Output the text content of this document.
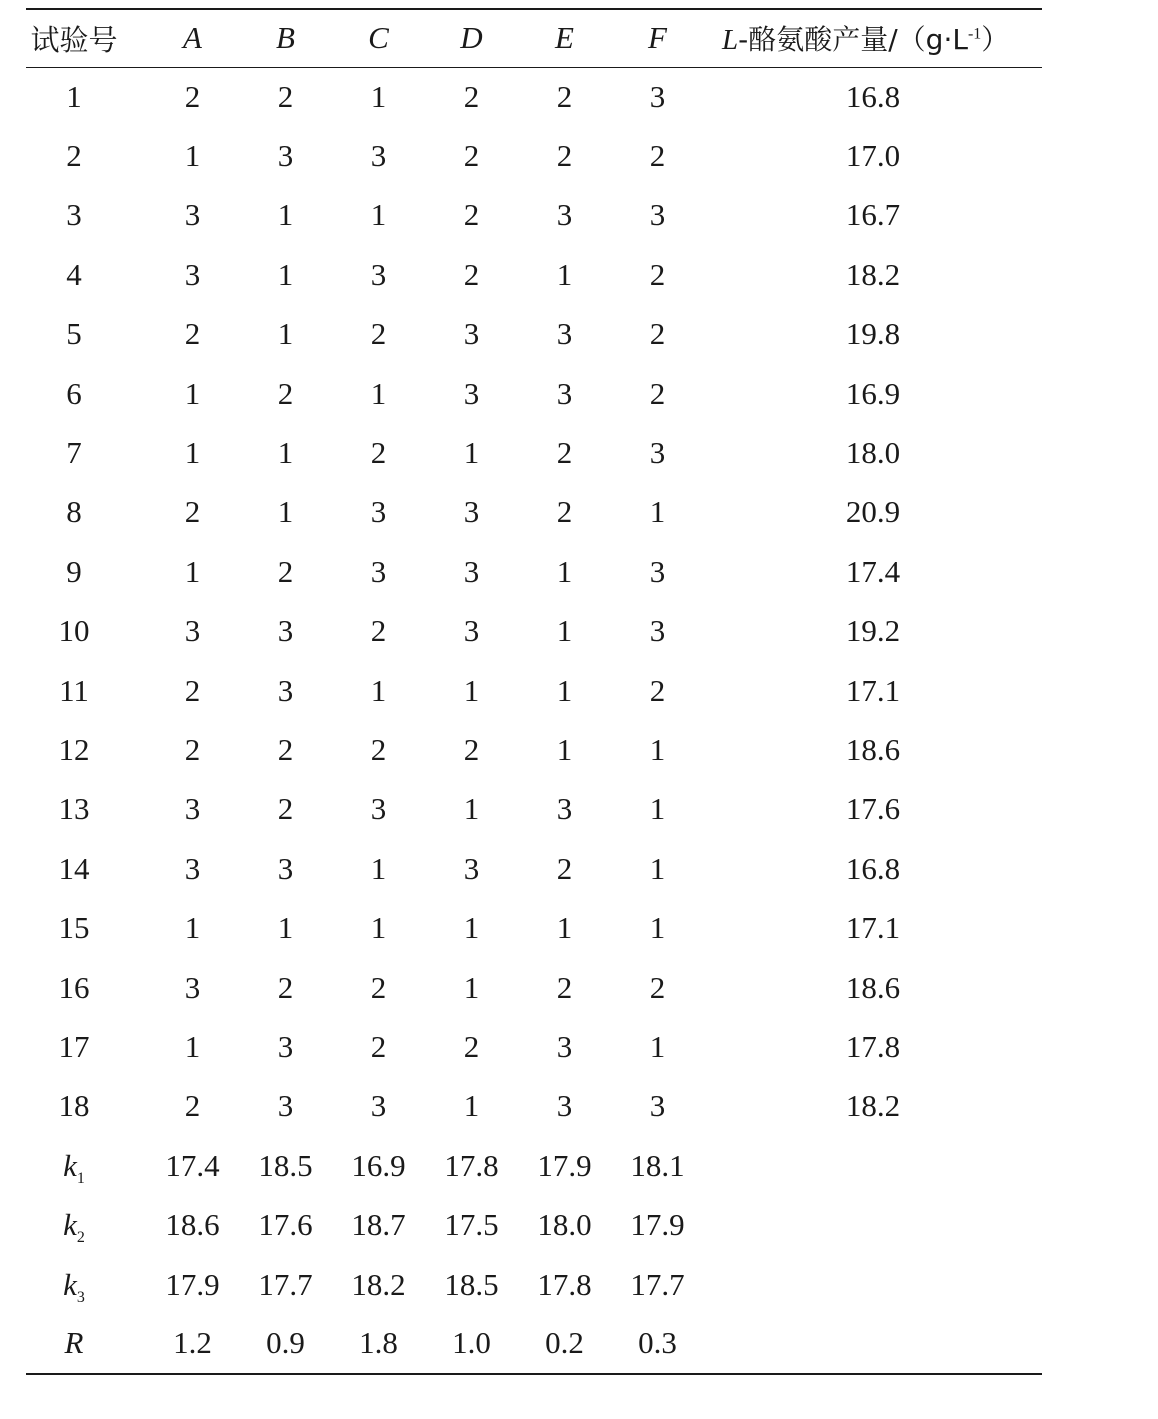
试验号	A	B	C	D	E	F	L-酪氨酸产量$/(g\cdot L^{-1})$
1	2	2	1	2	2	3	16.8
2	1	3	3	2	2	2	17.0
3	3	1	1	2	3	3	16.7
4	3	1	3	2	1	2	18.2
5	2	1	2	3	3	2	19.8
6	1	2	1	3	3	2	16.9
7	1	1	2	1	2	3	18.0
8	2	1	3	3	2	1	20.9
9	1	2	3	3	1	3	17.4
10	3	3	2	3	1	3	19.2
11	2	3	1	1	1	2	17.1
12	2	2	2	2	1	1	18.6
13	3	2	3	1	3	1	17.6
14	3	3	1	3	2	1	16.8
15	1	1	1	1	1	1	17.1
16	3	2	2	1	2	2	18.6
17	1	3	2	2	3	1	17.8
18	2	3	3	1	3	3	18.2
$k_1$	17.4	18.5	16.9	17.8	17.9	18.1	
$k_2$	18.6	17.6	18.7	17.5	18.0	17.9	
$k_3$	17.9	17.7	18.2	18.5	17.8	17.7	
R	1.2	0.9	1.8	1.0	0.2	0.3	
